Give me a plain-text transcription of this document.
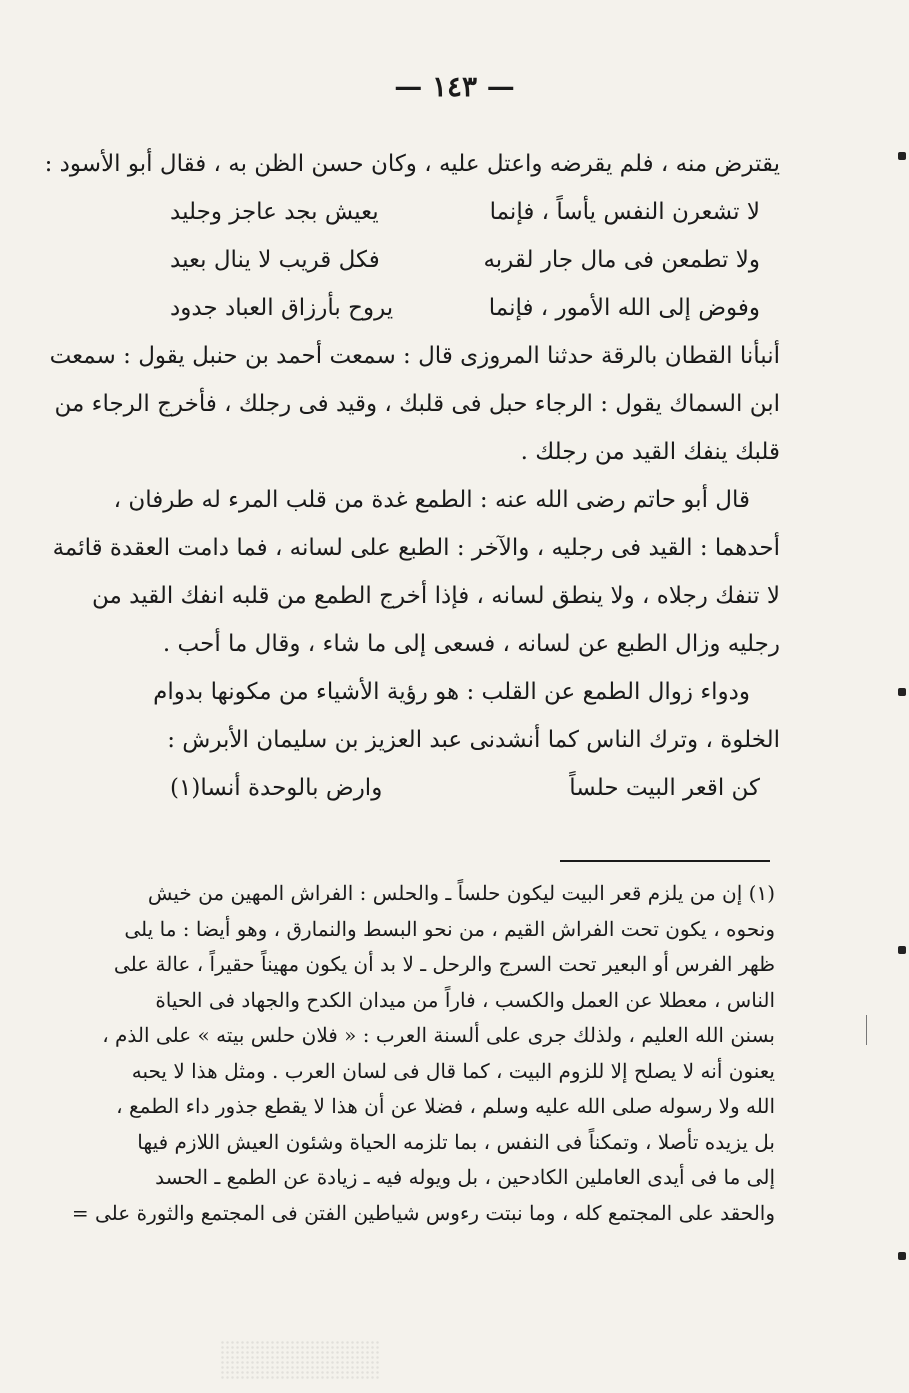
— ١٤٣ —
يقترض منه ، فلم يقرضه واعتل عليه ، وكان حسن الظن به ، فقال أبو الأسود :
لا تشعرن النفس يأساً ، فإنما
يعيش بجد عاجز وجليد
ولا تطمعن فى مال جار لقربه
فكل قريب لا ينال بعيد
وفوض إلى الله الأمور ، فإنما
يروح بأرزاق العباد جدود
أنبأنا القطان بالرقة حدثنا المروزى قال : سمعت أحمد بن حنبل يقول : سمعت
ابن السماك يقول : الرجاء حبل فى قلبك ، وقيد فى رجلك ، فأخرج الرجاء من
قلبك ينفك القيد من رجلك .
قال أبو حاتم رضى الله عنه : الطمع غدة من قلب المرء له طرفان ،
أحدهما : القيد فى رجليه ، والآخر : الطبع على لسانه ، فما دامت العقدة قائمة
لا تنفك رجلاه ، ولا ينطق لسانه ، فإذا أخرج الطمع من قلبه انفك القيد من
رجليه وزال الطبع عن لسانه ، فسعى إلى ما شاء ، وقال ما أحب .
ودواء زوال الطمع عن القلب : هو رؤية الأشياء من مكونها بدوام
الخلوة ، وترك الناس كما أنشدنى عبد العزيز بن سليمان الأبرش :
كن اقعر البيت حلساً
وارض بالوحدة أنسا(١)
(١) إن من يلزم قعر البيت ليكون حلساً ـ والحلس : الفراش المهين من خيش
ونحوه ، يكون تحت الفراش القيم ، من نحو البسط والنمارق ، وهو أيضا : ما يلى
ظهر الفرس أو البعير تحت السرج والرحل ـ لا بد أن يكون مهيناً حقيراً ، عالة على
الناس ، معطلا عن العمل والكسب ، فاراً من ميدان الكدح والجهاد فى الحياة
بسنن الله العليم ، ولذلك جرى على ألسنة العرب : « فلان حلس بيته » على الذم ،
يعنون أنه لا يصلح إلا للزوم البيت ، كما قال فى لسان العرب . ومثل هذا لا يحبه
الله ولا رسوله صلى الله عليه وسلم ، فضلا عن أن هذا لا يقطع جذور داء الطمع ،
بل يزيده تأصلا ، وتمكناً فى النفس ، بما تلزمه الحياة وشئون العيش اللازم فيها
إلى ما فى أيدى العاملين الكادحين ، بل ويوله فيه ـ زيادة عن الطمع ـ الحسد
والحقد على المجتمع كله ، وما نبتت رءوس شياطين الفتن فى المجتمع والثورة على =
